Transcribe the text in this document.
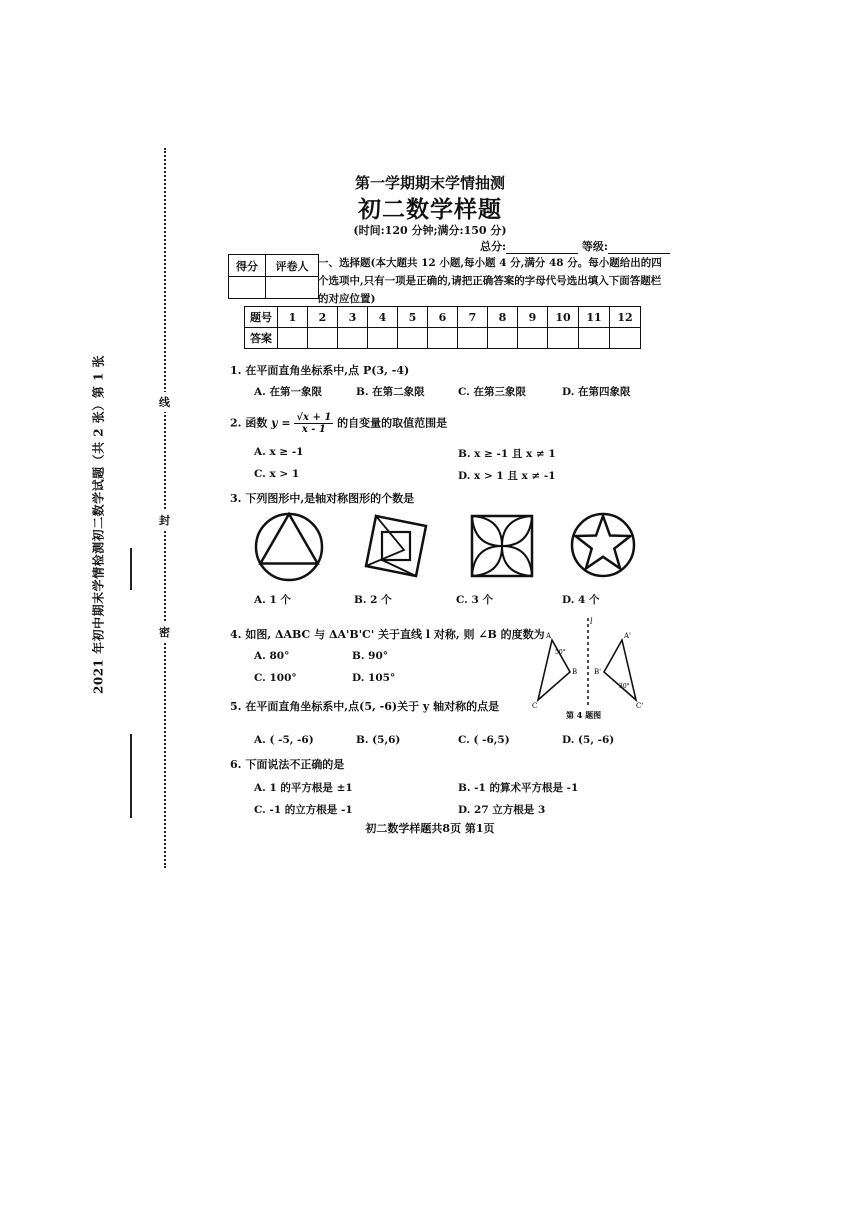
2021 年初中期末学情检测初二数学试题（共 2 张）第 1 张	线
封
密
第一学期期末学情抽测
初二数学样题
(时间:120 分钟;满分:150 分)
总分:	等级:
得分	评卷人
	一、选择题(本大题共 12 小题,每小题 4 分,满分 48 分。每小题给出的四个选项中,只有一项是正确的,请把正确答案的字母代号选出填入下面答题栏的对应位置)
题号	1	2	3	4	5	6	7	8	9	10	11	12
答案												
1. 在平面直角坐标系中,点 P(3, -4)
A. 在第一象限	B. 在第二象限	C. 在第三象限	D. 在第四象限
2. 函数 $y = \frac{√x + 1}{x - 1}$ 的自变量的取值范围是
A. x ≥ -1	B. x ≥ -1 且 x ≠ 1
C. x > 1	D. x > 1 且 x ≠ -1
3. 下列图形中,是轴对称图形的个数是
A. 1 个	B. 2 个	C. 3 个	D. 4 个
4. 如图, ΔABC 与 ΔA'B'C' 关于直线 l 对称, 则 ∠B 的度数为
A. 80°	B. 90°
C. 100°	D. 105°
l
A
B
C
A'
B'
C'
50°
30°
第 4 题图
5. 在平面直角坐标系中,点(5, -6)关于 y 轴对称的点是
A. ( -5, -6)	B. (5,6)	C. ( -6,5)	D. (5, -6)
6. 下面说法不正确的是
A. 1 的平方根是 ±1	B. -1 的算术平方根是 -1
C. -1 的立方根是 -1	D. 27 立方根是 3
初二数学样题共8页 第1页
